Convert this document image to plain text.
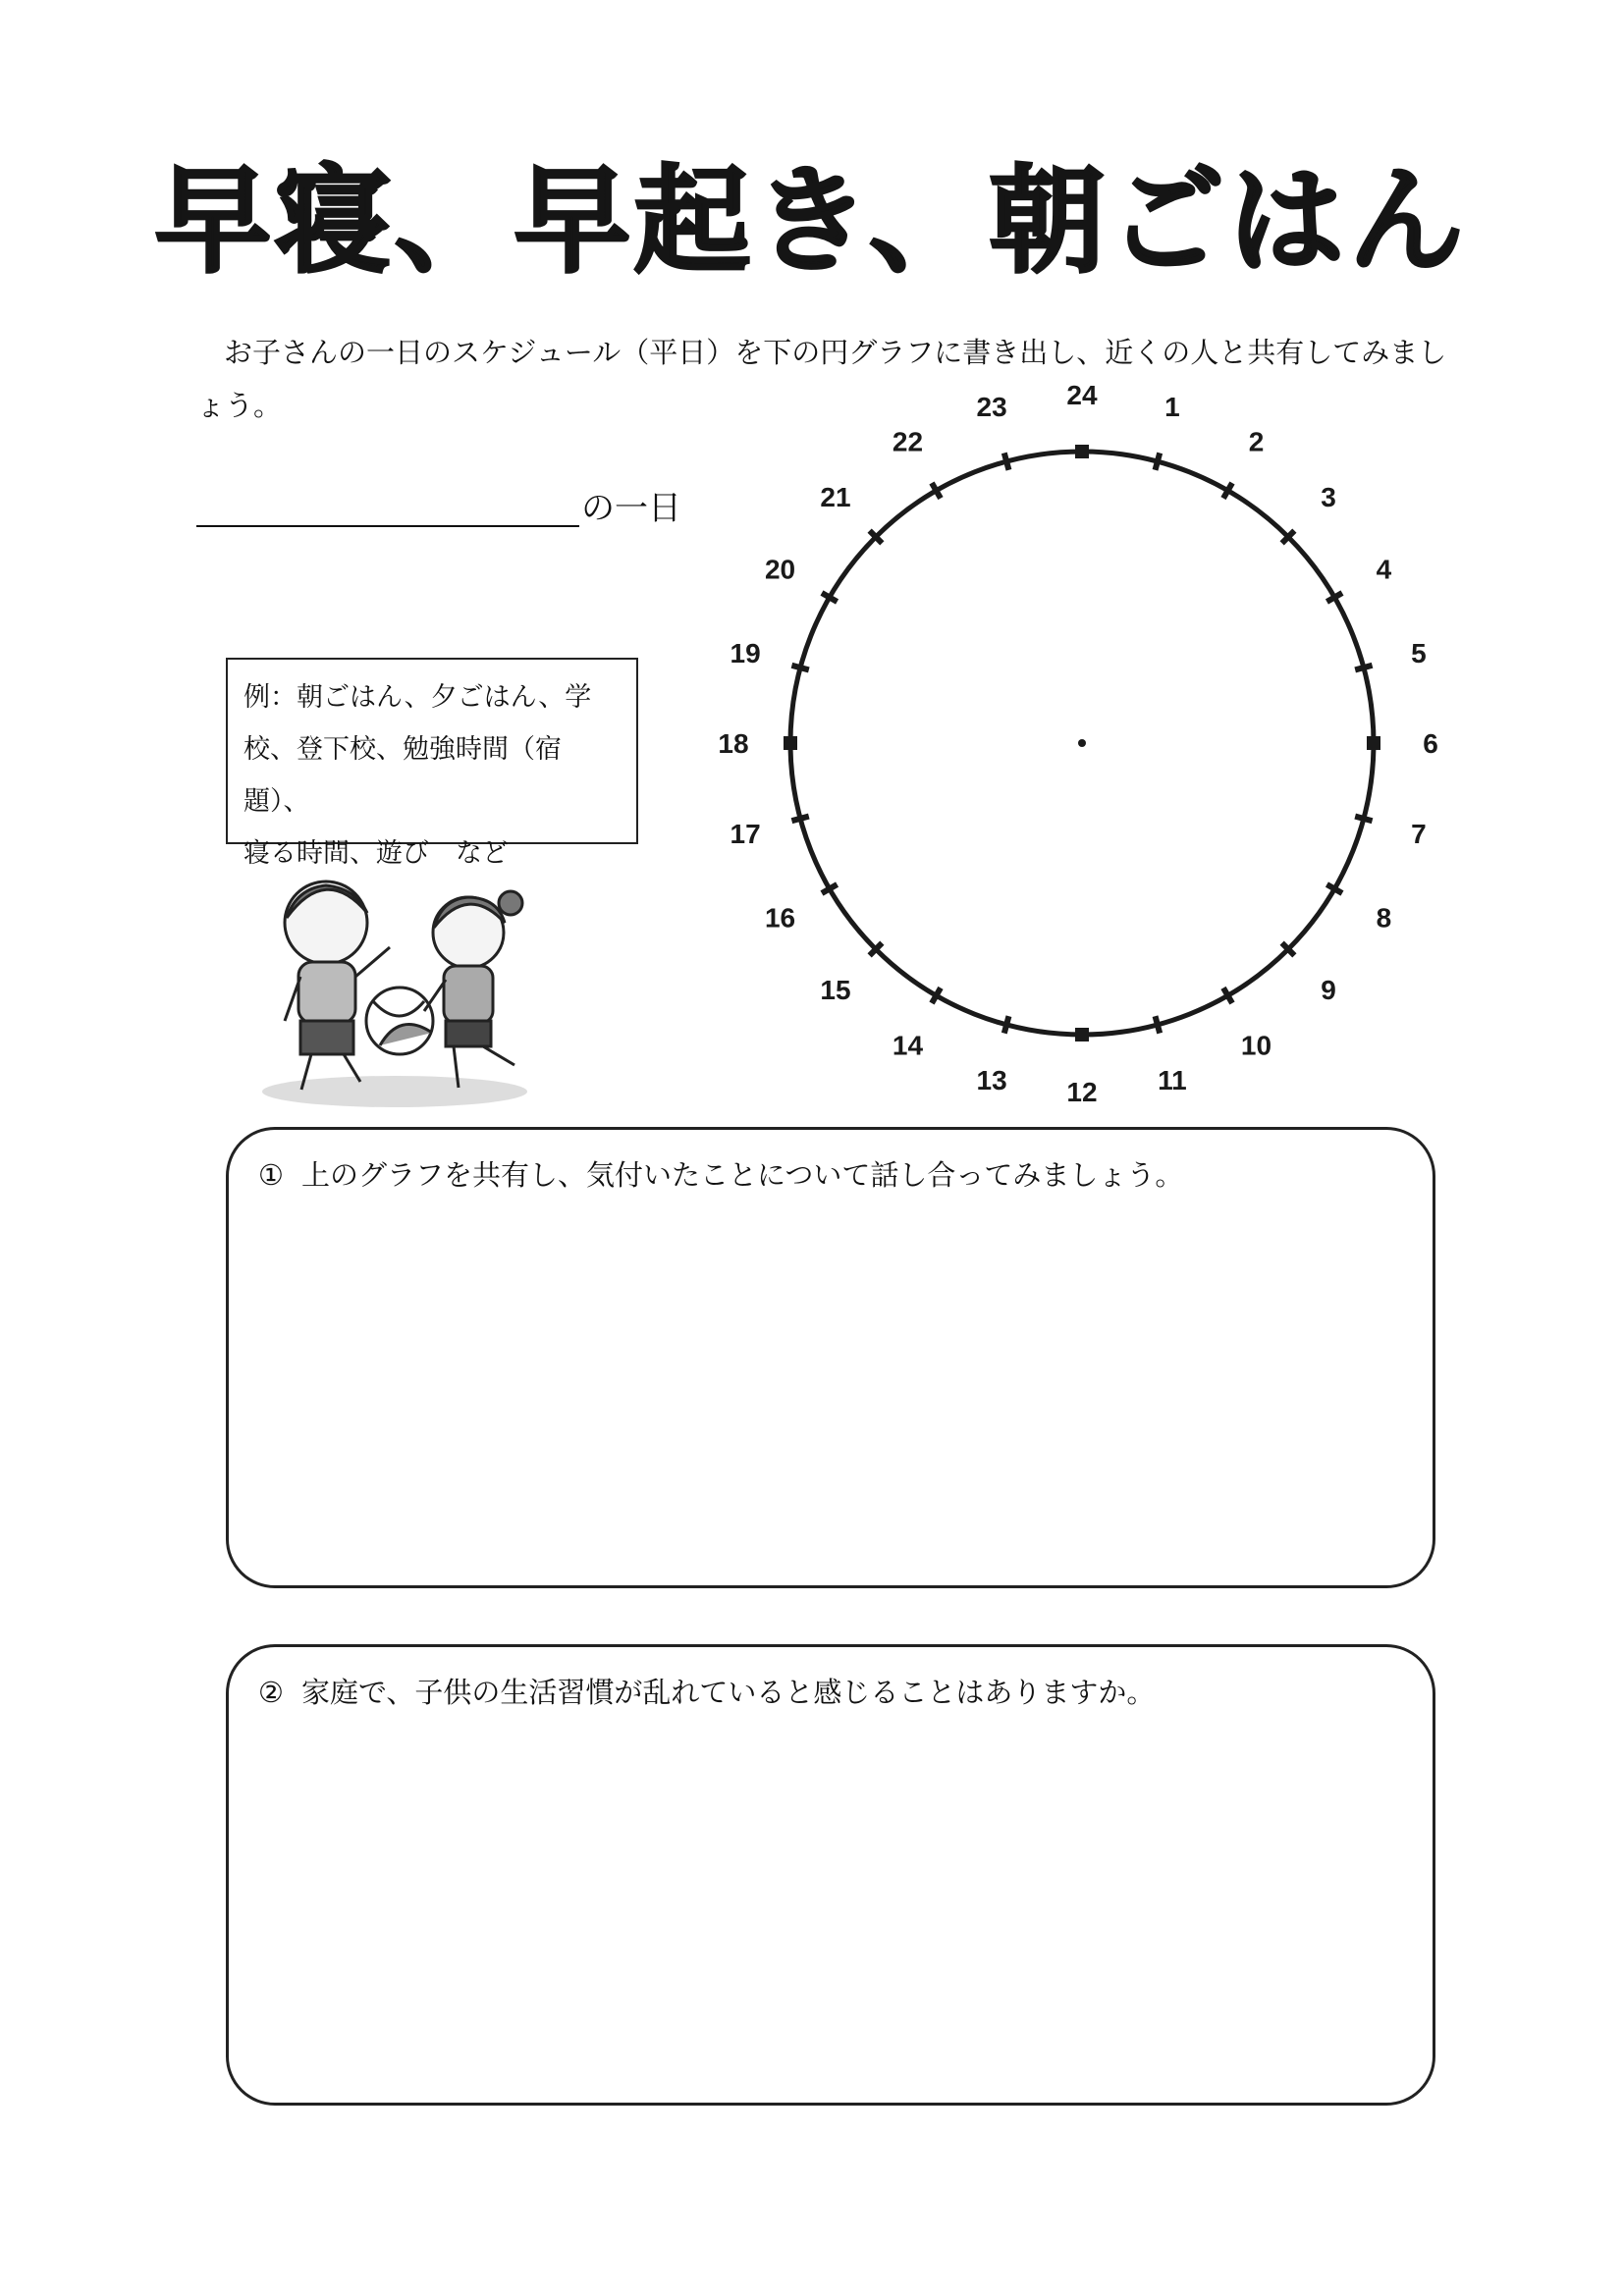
早寝、早起き、朝ごはん
お子さんの一日のスケジュール（平日）を下の円グラフに書き出し、近くの人と共有してみましょう。
の一日
例：朝ごはん、夕ごはん、学
校、登下校、勉強時間（宿題）、
寝る時間、遊び　など
24 1
2
3
4
5
6
7
8
9
10
11
12
13
14
15
16
17
18
19
20
21
22
23
① 上のグラフを共有し、気付いたことについて話し合ってみましょう。
② 家庭で、子供の生活習慣が乱れていると感じることはありますか。
